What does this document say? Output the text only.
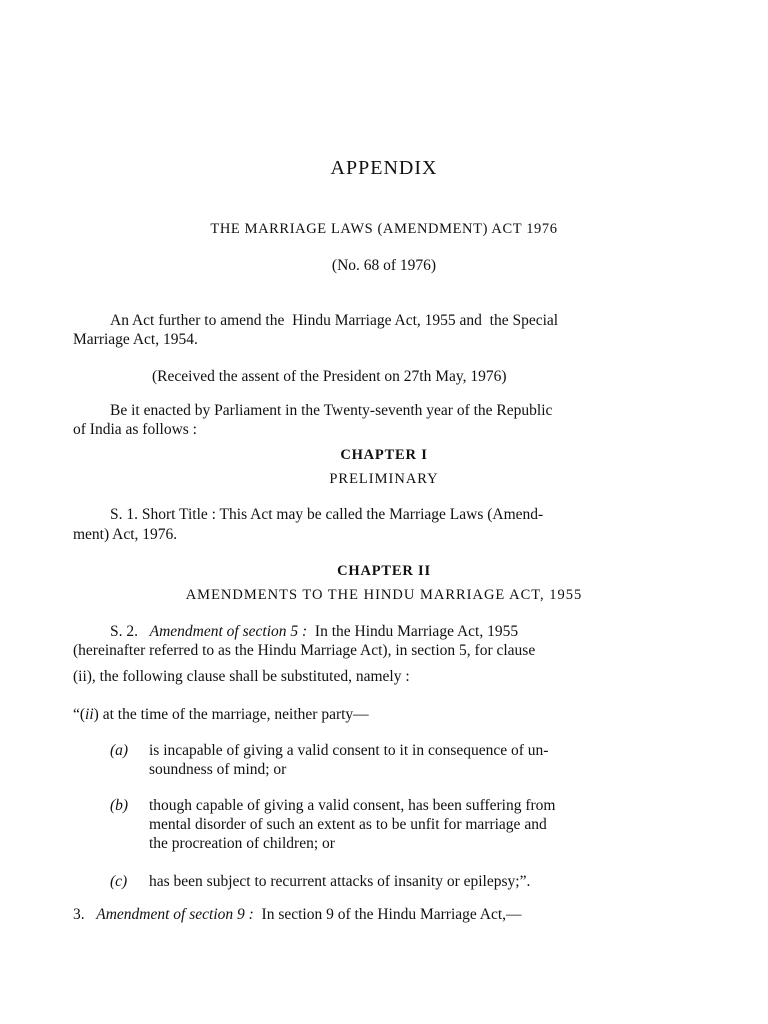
APPENDIX
THE MARRIAGE LAWS (AMENDMENT) ACT 1976
(No. 68 of 1976)
An Act further to amend the  Hindu Marriage Act, 1955 and  the Special
Marriage Act, 1954.
(Received the assent of the President on 27th May, 1976)
Be it enacted by Parliament in the Twenty-seventh year of the Republic
of India as follows :
CHAPTER I
PRELIMINARY
S. 1. Short Title : This Act may be called the Marriage Laws (Amend-
ment) Act, 1976.
CHAPTER II
AMENDMENTS TO THE HINDU MARRIAGE ACT, 1955
S. 2. Amendment of section 5 : In the Hindu Marriage Act, 1955
(hereinafter referred to as the Hindu Marriage Act), in section 5, for clause
(ii), the following clause shall be substituted, namely :
“(ii) at the time of the marriage, neither party—
(a) is incapable of giving a valid consent to it in consequence of un-
soundness of mind; or
(b) though capable of giving a valid consent, has been suffering from
mental disorder of such an extent as to be unfit for marriage and
the procreation of children; or
(c) has been subject to recurrent attacks of insanity or epilepsy;”.
3. Amendment of section 9 : In section 9 of the Hindu Marriage Act,—
